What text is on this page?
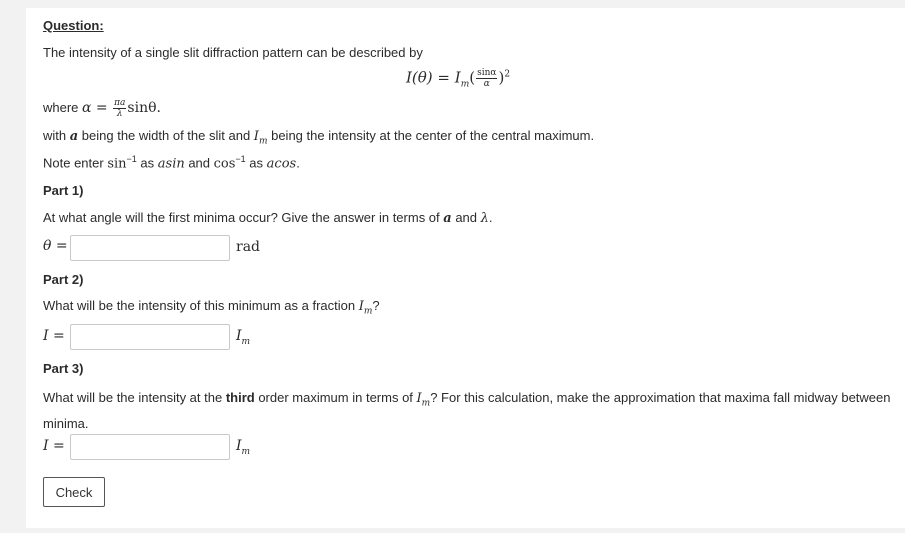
Question:
The intensity of a single slit diffraction pattern can be described by
$I(\theta) = I_m( \frac{\sin\alpha}{\alpha} )^2$
where $\alpha = \frac{\pi a}{\lambda} \sin\theta$.
with a being the width of the slit and $I_m$ being the intensity at the center of the central maximum.
Note enter $\sin^{-1}$ as asin and $\cos^{-1}$ as acos.
Part 1)
At what angle will the first minima occur? Give the answer in terms of a and λ.
θ =	rad
Part 2)
What will be the intensity of this minimum as a fraction $I_m$?
I =	$I_m$
Part 3)
What will be the intensity at the third order maximum in terms of $I_m$? For this calculation, make the approximation that maxima fall midway between minima.
I =	$I_m$
Check
